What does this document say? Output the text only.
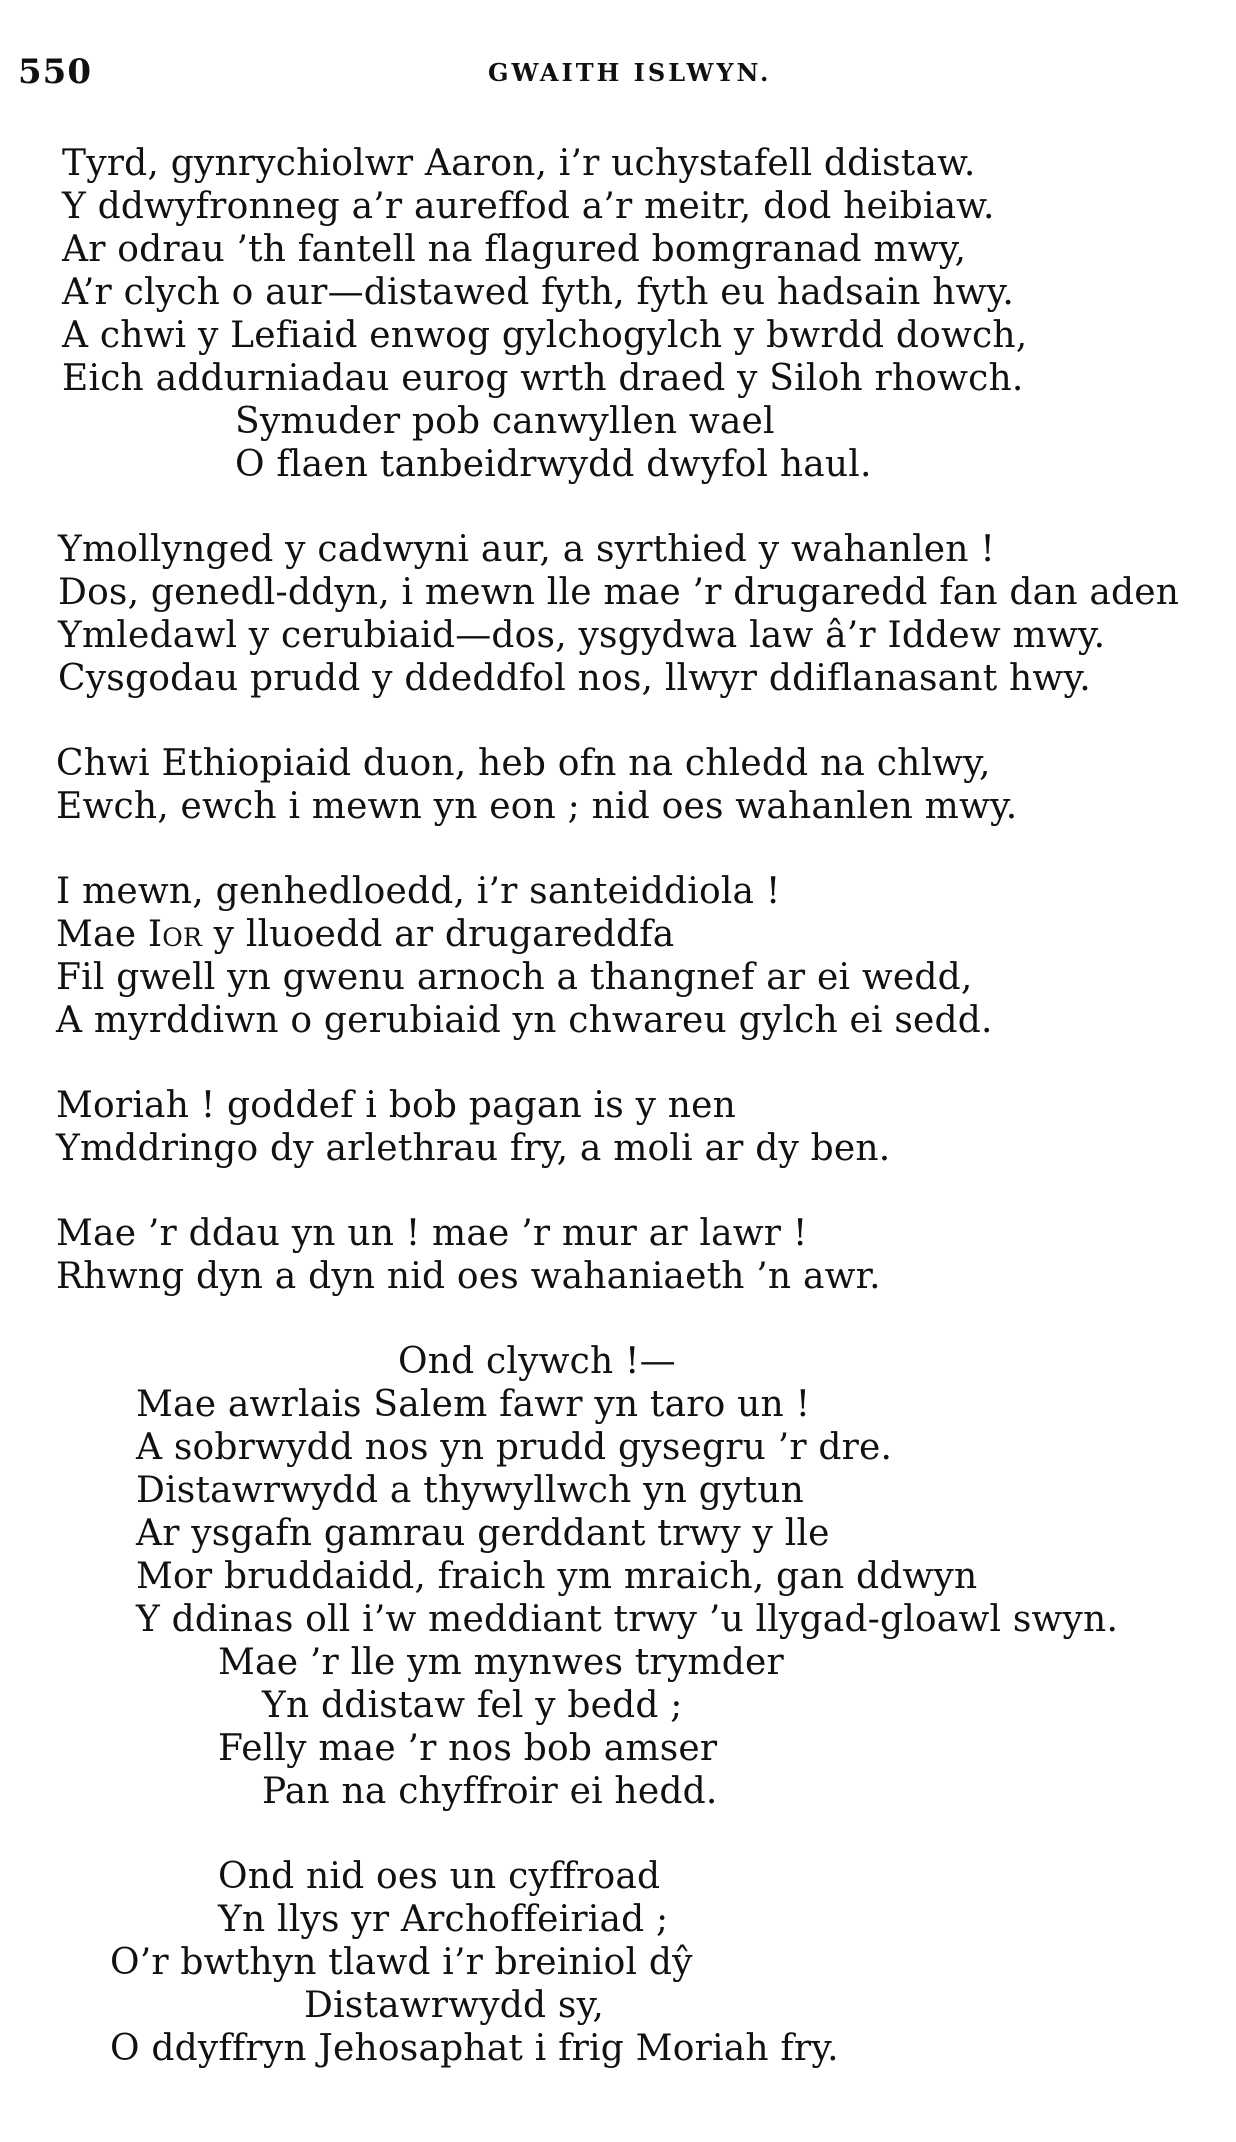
550	GWAITH ISLWYN.
Tyrd, gynrychiolwr Aaron, i’r uchystafell ddistaw.
Y ddwyfronneg a’r aureffod a’r meitr, dod heibiaw.
Ar odrau ’th fantell na flagured bomgranad mwy,
A’r clych o aur—distawed fyth, fyth eu hadsain hwy.
A chwi y Lefiaid enwog gylchogylch y bwrdd dowch,
Eich addurniadau eurog wrth draed y Siloh rhowch.
Symuder pob canwyllen wael
O flaen tanbeidrwydd dwyfol haul.
Ymollynged y cadwyni aur, a syrthied y wahanlen !
Dos, genedl-ddyn, i mewn lle mae ’r drugaredd fan dan aden
Ymledawl y cerubiaid—dos, ysgydwa law â’r Iddew mwy.
Cysgodau prudd y ddeddfol nos, llwyr ddiflanasant hwy.
Chwi Ethiopiaid duon, heb ofn na chledd na chlwy,
Ewch, ewch i mewn yn eon ; nid oes wahanlen mwy.
I mewn, genhedloedd, i’r santeiddiola !
Mae Ior y lluoedd ar drugareddfa
Fil gwell yn gwenu arnoch a thangnef ar ei wedd,
A myrddiwn o gerubiaid yn chwareu gylch ei sedd.
Moriah ! goddef i bob pagan is y nen
Ymddringo dy arlethrau fry, a moli ar dy ben.
Mae ’r ddau yn un ! mae ’r mur ar lawr !
Rhwng dyn a dyn nid oes wahaniaeth ’n awr.
Ond clywch !—
Mae awrlais Salem fawr yn taro un !
A sobrwydd nos yn prudd gysegru ’r dre.
Distawrwydd a thywyllwch yn gytun
Ar ysgafn gamrau gerddant trwy y lle
Mor bruddaidd, fraich ym mraich, gan ddwyn
Y ddinas oll i’w meddiant trwy ’u llygad-gloawl swyn.
Mae ’r lle ym mynwes trymder
Yn ddistaw fel y bedd ;
Felly mae ’r nos bob amser
Pan na chyffroir ei hedd.
Ond nid oes un cyffroad
Yn llys yr Archoffeiriad ;
O’r bwthyn tlawd i’r breiniol dŷ
Distawrwydd sy,
O ddyffryn Jehosaphat i frig Moriah fry.
